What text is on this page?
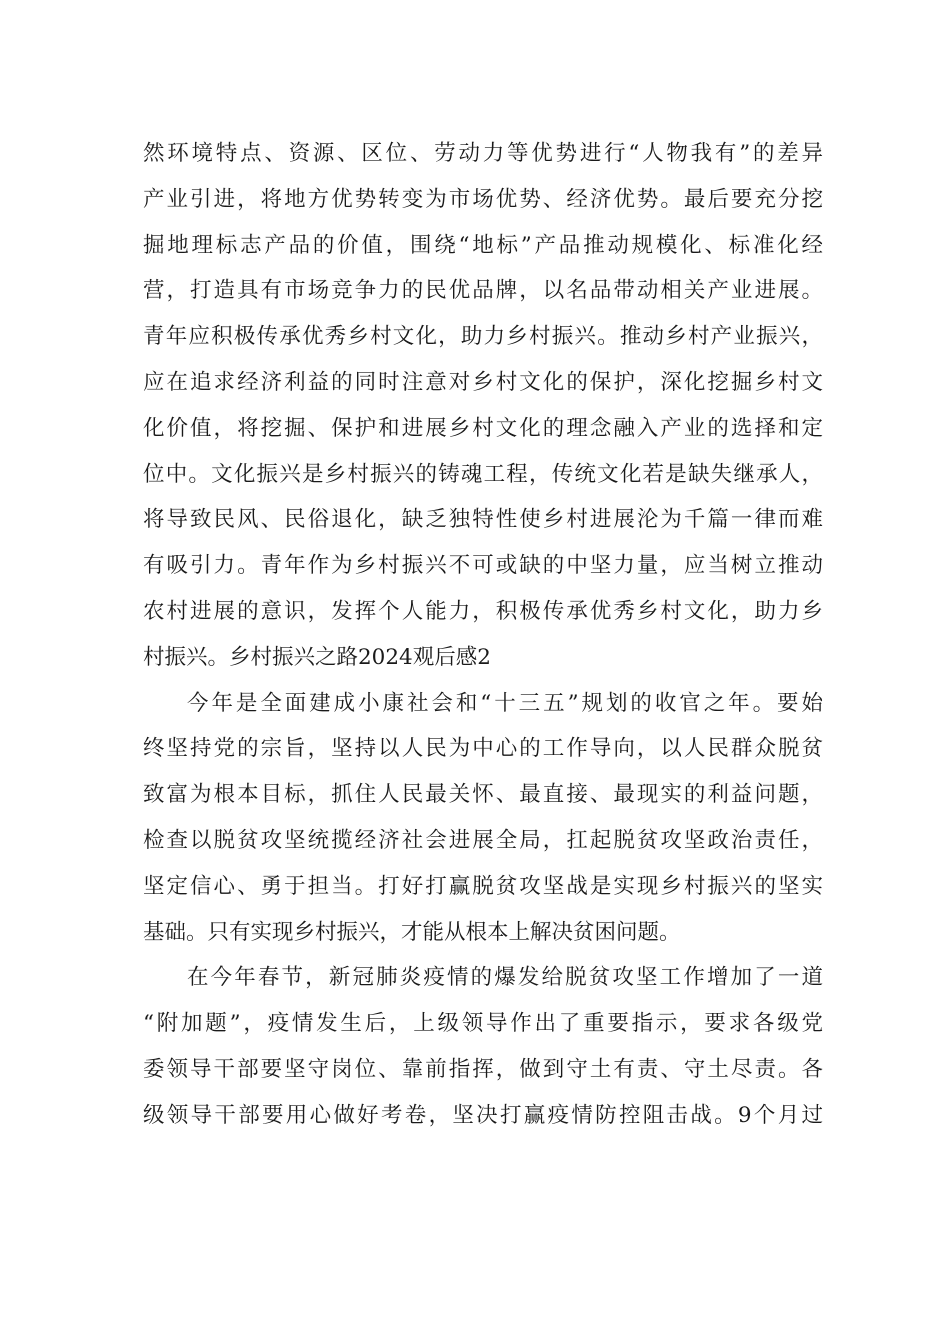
然环境特点、资源、区位、劳动力等优势进行“人物我有”的差异
产业引进，将地方优势转变为市场优势、经济优势。最后要充分挖
掘地理标志产品的价值，围绕“地标”产品推动规模化、标准化经
营，打造具有市场竞争力的民优品牌，以名品带动相关产业进展。
青年应积极传承优秀乡村文化，助力乡村振兴。推动乡村产业振兴，
应在追求经济利益的同时注意对乡村文化的保护，深化挖掘乡村文
化价值，将挖掘、保护和进展乡村文化的理念融入产业的选择和定
位中。文化振兴是乡村振兴的铸魂工程，传统文化若是缺失继承人，
将导致民风、民俗退化，缺乏独特性使乡村进展沦为千篇一律而难
有吸引力。青年作为乡村振兴不可或缺的中坚力量，应当树立推动
农村进展的意识，发挥个人能力，积极传承优秀乡村文化，助力乡
村振兴。乡村振兴之路2024观后感2
今年是全面建成小康社会和“十三五”规划的收官之年。要始
终坚持党的宗旨，坚持以人民为中心的工作导向，以人民群众脱贫
致富为根本目标，抓住人民最关怀、最直接、最现实的利益问题，
检查以脱贫攻坚统揽经济社会进展全局，扛起脱贫攻坚政治责任，
坚定信心、勇于担当。打好打赢脱贫攻坚战是实现乡村振兴的坚实
基础。只有实现乡村振兴，才能从根本上解决贫困问题。
在今年春节，新冠肺炎疫情的爆发给脱贫攻坚工作增加了一道
“附加题”，疫情发生后，上级领导作出了重要指示，要求各级党
委领导干部要坚守岗位、靠前指挥，做到守土有责、守土尽责。各
级领导干部要用心做好考卷，坚决打赢疫情防控阻击战。9个月过
